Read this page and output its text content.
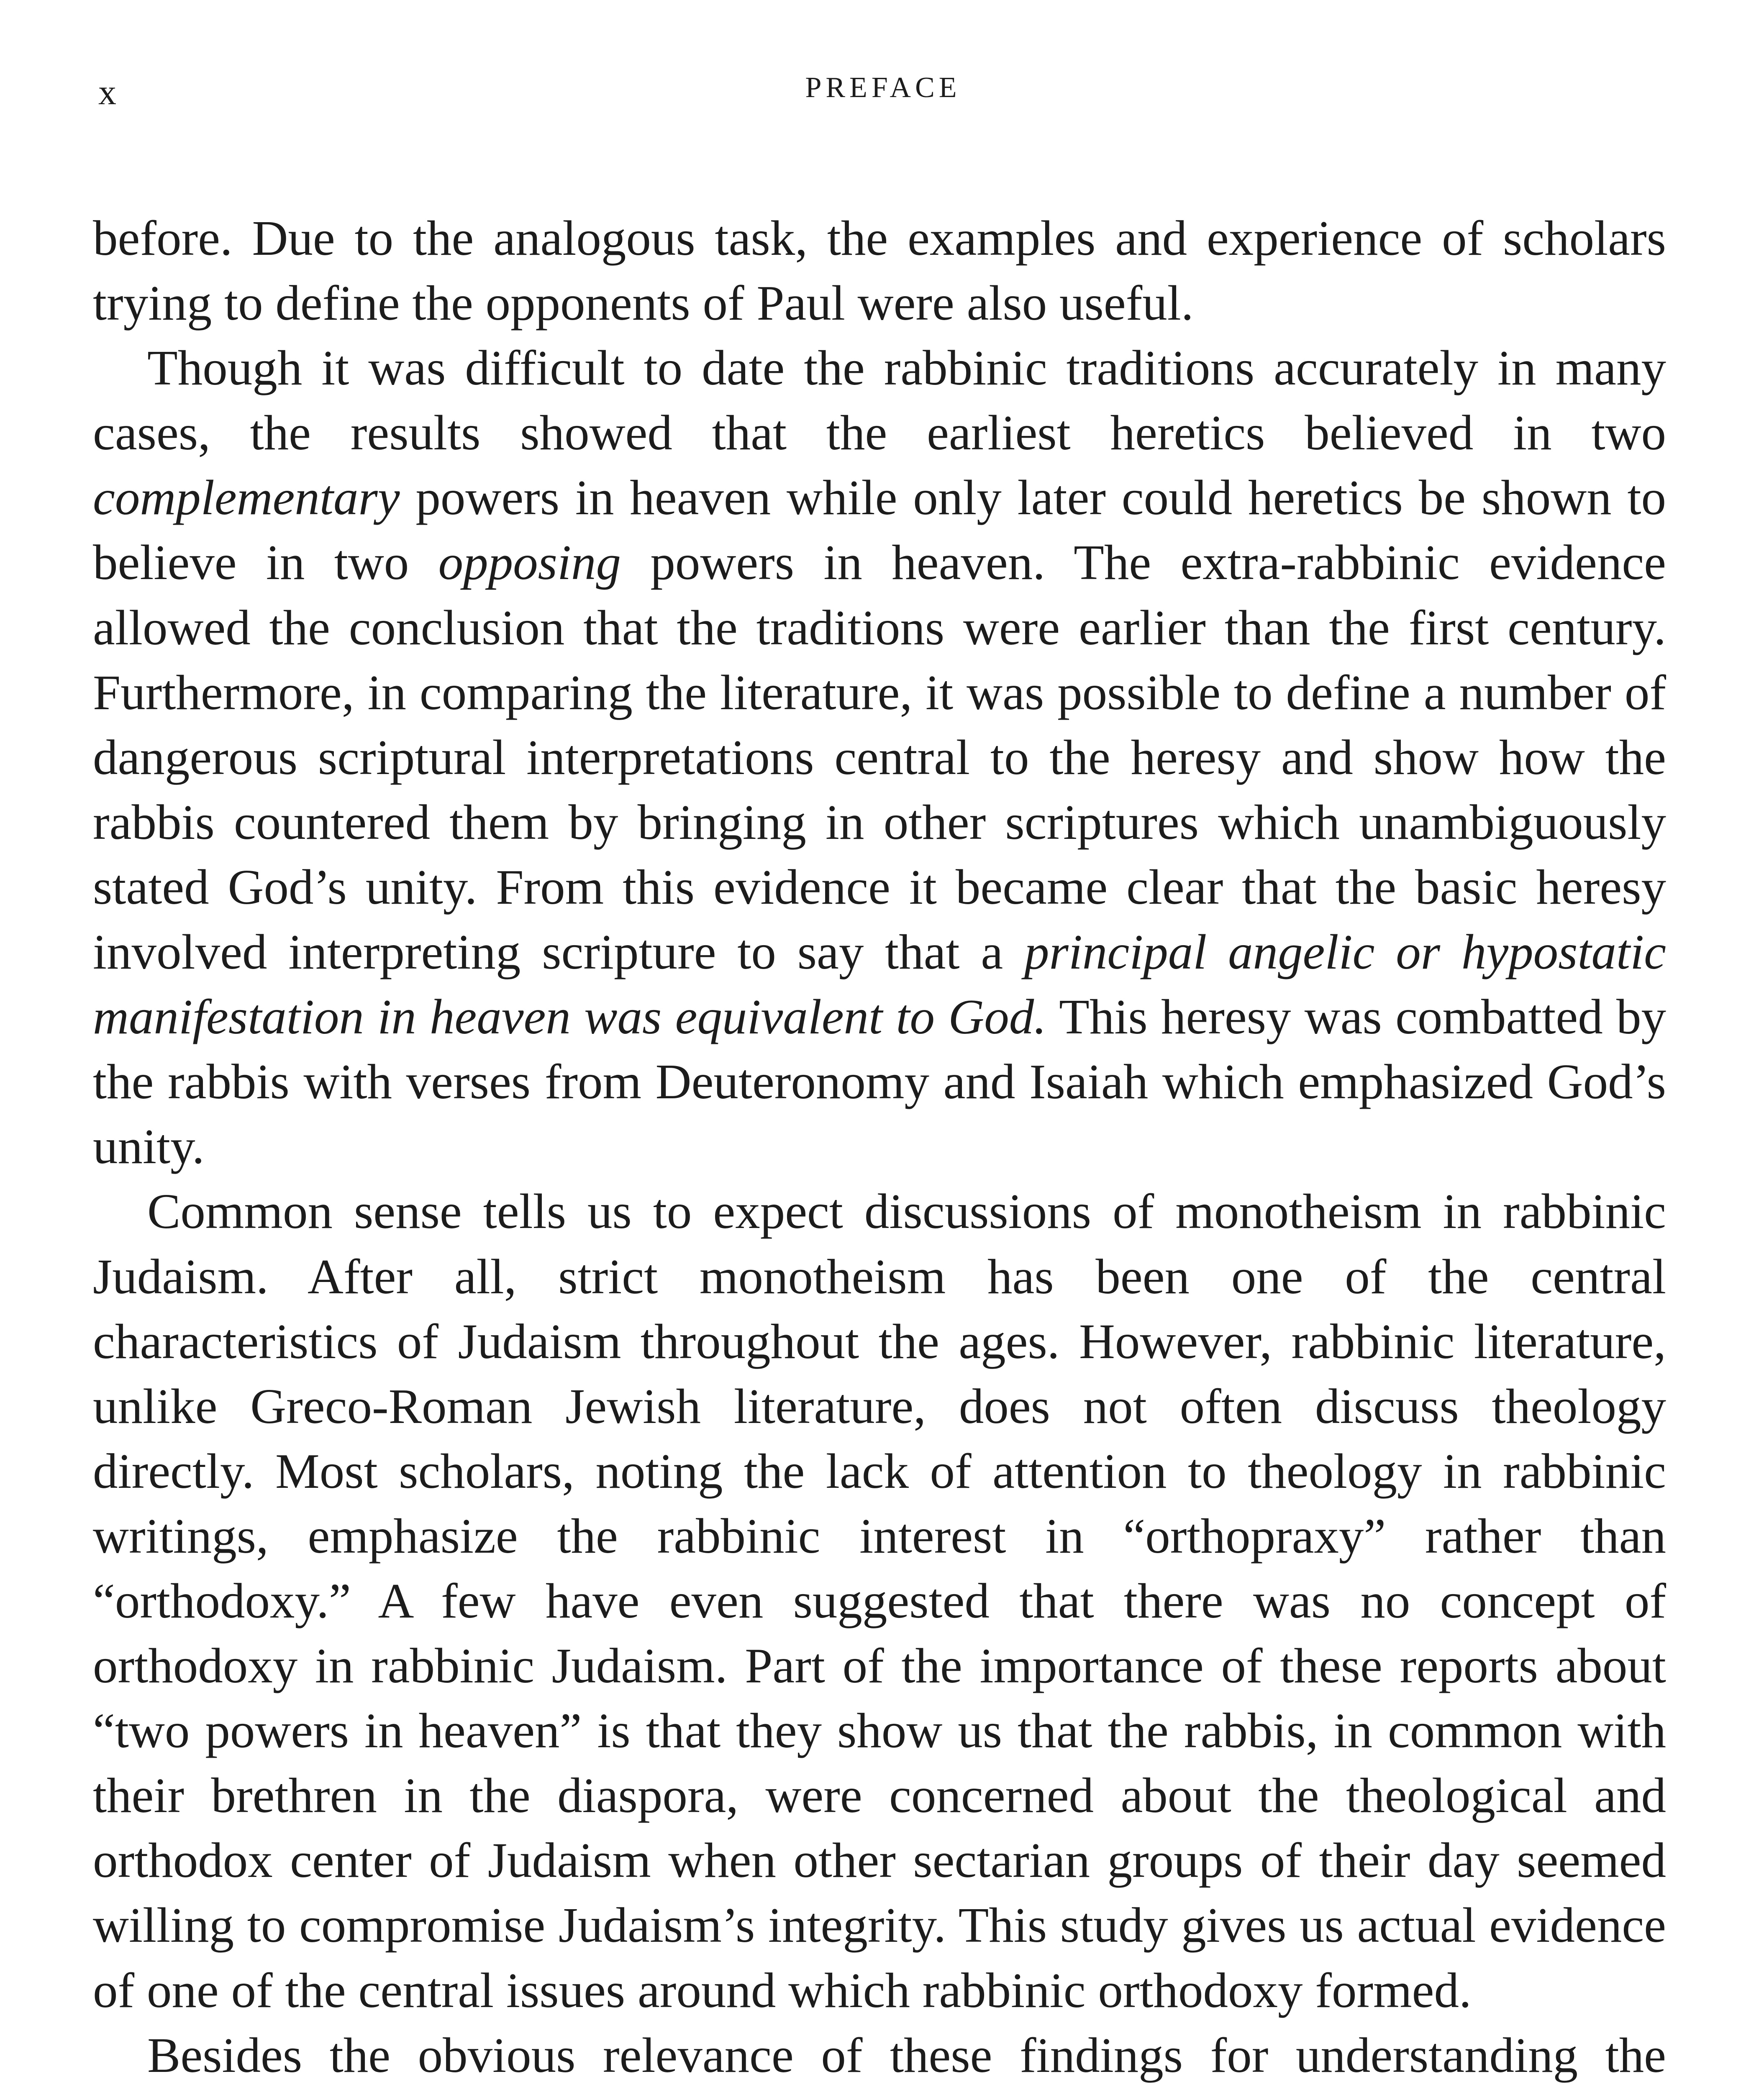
x	PREFACE

before. Due to the analogous task, the examples and experience of scholars trying to define the opponents of Paul were also useful.

Though it was difficult to date the rabbinic traditions accurately in many cases, the results showed that the earliest heretics believed in two complementary powers in heaven while only later could heretics be shown to believe in two opposing powers in heaven. The extra-rabbinic evidence allowed the conclusion that the traditions were earlier than the first century. Furthermore, in comparing the literature, it was possible to define a number of dangerous scriptural interpretations central to the heresy and show how the rabbis countered them by bringing in other scriptures which unambiguously stated God’s unity. From this evidence it became clear that the basic heresy involved interpreting scripture to say that a principal angelic or hypostatic manifestation in heaven was equivalent to God. This heresy was combatted by the rabbis with verses from Deuteronomy and Isaiah which emphasized God’s unity.

Common sense tells us to expect discussions of monotheism in rabbinic Judaism. After all, strict monotheism has been one of the central characteristics of Judaism throughout the ages. However, rabbinic literature, unlike Greco-Roman Jewish literature, does not often discuss theology directly. Most scholars, noting the lack of attention to theology in rabbinic writings, emphasize the rabbinic interest in “orthopraxy” rather than “orthodoxy.” A few have even suggested that there was no concept of orthodoxy in rabbinic Judaism. Part of the importance of these reports about “two powers in heaven” is that they show us that the rabbis, in common with their brethren in the diaspora, were concerned about the theological and orthodox center of Judaism when other sectarian groups of their day seemed willing to compromise Judaism’s integrity. This study gives us actual evidence of one of the central issues around which rabbinic orthodoxy formed.

Besides the obvious relevance of these findings for understanding the
